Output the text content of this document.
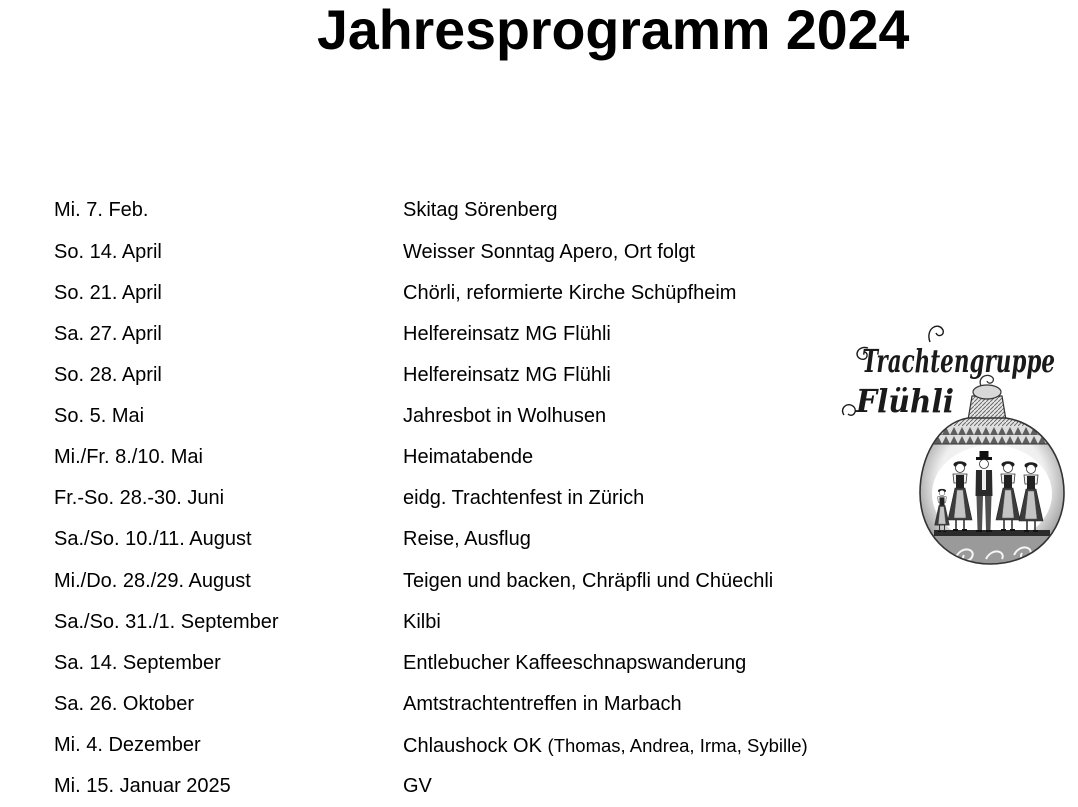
Jahresprogramm 2024
Mi. 7. Feb.	Skitag Sörenberg
So. 14. April	Weisser Sonntag Apero, Ort folgt
So. 21. April	Chörli, reformierte Kirche Schüpfheim
Sa. 27. April	Helfereinsatz MG Flühli
So. 28. April	Helfereinsatz MG Flühli
So. 5. Mai	Jahresbot in Wolhusen
Mi./Fr. 8./10. Mai	Heimatabende
Fr.-So. 28.-30. Juni	eidg. Trachtenfest in Zürich
Sa./So. 10./11. August	Reise, Ausflug
Mi./Do. 28./29. August	Teigen und backen, Chräpfli und Chüechli
Sa./So. 31./1. September	Kilbi
Sa. 14. September	Entlebucher Kaffeeschnapswanderung
Sa. 26. Oktober	Amtstrachtentreffen in Marbach
Mi. 4. Dezember	Chlaushock OK (Thomas, Andrea, Irma, Sybille)
Mi. 15. Januar 2025	GV
Trachtengruppe
Flühli
